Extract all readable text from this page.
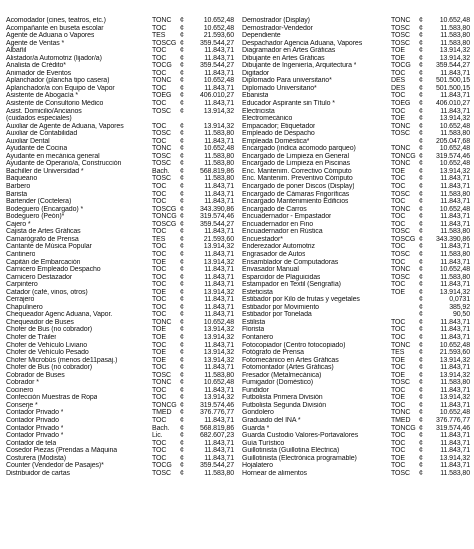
Acomodador (cines, teatros, etc.)	TONC ¢	10.652,48
Acompañante en buseta escolar	TOC ¢	10.652,48
Agente de Aduana o Vapores	TES ¢	21.593,60
Agente de Ventas *	TOSCG ¢ 359.544,27
Albañil	TOC ¢	11.843,71
Alistador/a Automotriz (lijador/a)	TOC ¢	11.843,71
Analista de Crédito*	TOCG ¢ 359.544,27
Animador de Eventos	TOC ¢	11.843,71
Aplanchador (plancha tipo casera)	TONC ¢	10.652,48
Aplanchador/a con Equipo de Vapor	TOC ¢	11.843,71
Asistente de Abogacía *	TOEG ¢ 406.010,27
Asistente de Consultorio Médico	TOC ¢	11.843,71
Asist. Domicilio/Ancianos	TOSC ¢	13.914,32
(cuidados especiales)
Auxiliar de Agente de Aduana, Vapores	TOC ¢	13.914,32
Auxiliar de Contabilidad	TOSC ¢	11.583,80
Auxiliar Dental	TOC ¢	11.843,71
Ayudante de Cocina	TONC ¢	10.652,48
Ayudante en mecánica general	TOSC ¢	11.583,80
Ayudante de Operario/a, Construcción	TOSC ¢	11.583,80
Bachiller de Universidad *	Bach. ¢ 568.819,86
Baqueano	TOSC ¢	11.583,80
Barbero	TOC ¢	11.843,71
Barista	TOC ¢	11.843,71
Bartender (Coctelera)	TOC ¢	11.843,71
Bodeguero (Encargado) *	TOSCG ¢ 343.390,86
Bodeguero (Peón)*	TONCG ¢ 319.574,46
Cajero *	TOSCG ¢ 359.544,27
Cajista de Artes Gráficas	TOC ¢	11.843,71
Camarógrafo de Prensa	TES ¢	21.593,60
Cantante de Música Popular	TOC ¢	13.914,32
Cantinero	TOC ¢	11.843,71
Capitán de Embarcación	TOE ¢	13.914,32
Carnicero Empleado Despacho	TOC ¢	11.843,71
Carnicero Destazador	TOC ¢	11.843,71
Carpintero	TOC ¢	11.843,71
Catador (café, vinos, otros)	TOE ¢	13.914,32
Cerrajero	TOC ¢	11.843,71
Chapulinero	TOC ¢	11.843,71
Chequeador Agenc Aduana, Vapor.	TOC ¢	11.843,71
Chequeador de Buses	TONC ¢	10.652,48
Chofer de Bus (no cobrador)	TOE ¢	13.914,32
Chofer de Tráiler	TOE ¢	13.914,32
Chofer de Vehículo Liviano	TOC ¢	11.843,71
Chofer de Vehículo Pesado	TOE ¢	13.914,32
Chofer Microbús (menos de11pasaj.)	TOE ¢	13.914,32
Chofer de Bus (no cobrador)	TOC ¢	11.843,71
Cobrador de Buses	TOSC ¢	11.583,80
Cobrador *	TONC ¢	10.652,48
Cocinero	TOC ¢	11.843,71
Confección Muestras de Ropa	TOC ¢	13.914,32
Conserje *	TONCG ¢ 319.574,46
Contador Privado *	TMED ¢ 376.776,77
Contador Privado	TOC ¢	11.843,71
Contador Privado *	Bach. ¢ 568.819,86
Contador Privado *	Lic.	¢ 682.607,23
Contador de tela	TOC ¢	11.843,71
Cosedor Piezas (Prendas a Máquina	TOC ¢	11.843,71
Costurera (Modista)	TOC ¢	11.843,71
Counter (Vendedor de Pasajes)*	TOCG ¢ 359.544,27
Distribuidor de cartas	TOSC ¢	11.583,80
Demostrador (Display)	TONC ¢ 10.652,48
Demostrador-Vendedor	TOSC ¢ 11.583,80
Dependiente	TOSC ¢ 11.583,80
Despachador Agencia Aduana, Vapores	TOSC ¢ 11.583,80
Diagramador en Artes Gráficas	TOE ¢ 13.914,32
Dibujante en Artes Gráficas	TOE ¢ 13.914,32
Dibujante de Ingeniería, Arquitectura *	TOCG ¢ 359.544,27
Digitador	TOC ¢ 11.843,71
Diplomado Para universitario*	DES ¢ 501.500,15
Diplomado Universitario*	DES ¢ 501.500,15
Ebanista	TOC ¢ 11.843,71
Educador Aspirante sin Título *	TOEG ¢ 406.010,27
Electricista	TOC ¢ 11.843,71
Electromecánico	TOE ¢ 13.914,32
Empacador; Etiquetador	TONC ¢ 10.652,48
Empleado de Despacho	TOSC ¢ 11.583,80
Empleada Doméstica*	¢ 205.047,68
Encargado (indica acomodo parqueo)	TONC ¢ 10.652,48
Encargado de Limpieza en General	TONCG ¢ 319.574,46
Encargado de Limpieza en Piscinas	TONC ¢ 10.652,48
Enc. Mantenim. Correctivo Cómputo	TOE ¢ 13.914,32
Enc. Mantenim. Preventivo Cómputo	TOC ¢ 11.843,71
Encargado de poner Discos (Display)	TOC ¢ 11.843,71
Encargado de Cámaras Frigoríficas	TOSC ¢ 11.583,80
Encargado Mantenimiento Edificios	TOC ¢ 11.843,71
Encargado de Carros	TONC ¢ 10.652,48
Encuadernador - Empastador	TOC ¢ 11.843,71
Encuadernador en Fino	TOC ¢ 11.843,71
Encuadernador en Rústica	TOSC ¢ 11.583,80
Encuestador*	TOSCG ¢ 343.390,86
Enderezador Automotriz	TOC ¢ 11.843,71
Engrasador de Autos	TOSC ¢ 11.583,80
Ensamblador de Computadoras	TOC ¢ 11.843,71
Envasador Manual	TONC ¢ 10.652,48
Esparcidor de Plaguicidas	TOSC ¢ 11.583,80
Estampador en Textil (Serigrafía)	TOC ¢ 11.843,71
Esteticista	TOE ¢ 13.914,32
Estibador por Kilo de frutas y vegetales	¢	0,0731
Estibador por Movimiento	¢	385,92
Estibador por Tonelada	¢	90,50
Estilista	TOC ¢ 11.843,71
Florista	TOC ¢ 11.843,71
Fontanero	TOC ¢ 11.843,71
Fotocopiador (Centro fotocopiado)	TONC ¢ 10.652,48
Fotógrafo de Prensa	TES ¢ 21.593,60
Fotomecánico en Artes Gráficas	TOE ¢ 13.914,32
Fotomontador (Artes Gráficas)	TOC ¢ 11.843,71
Fresador (Metalmecánica)	TOE ¢ 13.914,32
Fumigador (Doméstico)	TOSC ¢ 11.583,80
Fundidor	TOC ¢ 11.843,71
Futbolista Primera División	TOE ¢ 13.914,32
Futbolista Segunda División	TOC ¢ 11.843,71
Gondolero	TONC ¢ 10.652,48
Graduado del INA *	TMED ¢ 376.776,77
Guarda *	TONCG ¢ 319.574,46
Guarda Custodio Valores-Portavalores	TOC ¢ 11.843,71
Guía Turístico	TOC ¢ 11.843,71
Guillotinista (Guillotina Eléctrica)	TOC ¢ 11.843,71
Guillotinista (Electrónica programable)	TOE ¢ 13.914,32
Hojalatero	TOC ¢ 11.843,71
Hornear de alimentos	TOSC ¢ 11.583,80
